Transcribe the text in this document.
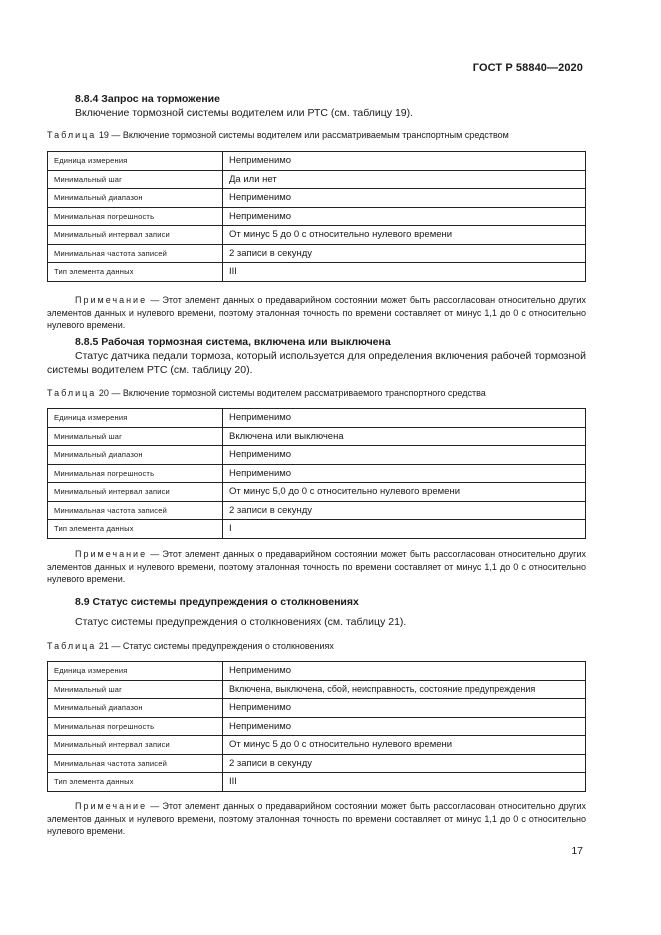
ГОСТ Р 58840—2020
8.8.4 Запрос на торможение
Включение тормозной системы водителем или РТС (см. таблицу 19).
Таблица 19 — Включение тормозной системы водителем или рассматриваемым транспортным средством
Единица измерения	Неприменимо
Минимальный шаг	Да или нет
Минимальный диапазон	Неприменимо
Минимальная погрешность	Неприменимо
Минимальный интервал записи	От минус 5 до 0 с относительно нулевого времени
Минимальная частота записей	2 записи в секунду
Тип элемента данных	III
Примечание — Этот элемент данных о предаварийном состоянии может быть рассогласован относительно других элементов данных и нулевого времени, поэтому эталонная точность по времени составляет от минус 1,1 до 0 с относительно нулевого времени.
8.8.5 Рабочая тормозная система, включена или выключена
Статус датчика педали тормоза, который используется для определения включения рабочей тормозной системы водителем РТС (см. таблицу 20).
Таблица 20 — Включение тормозной системы водителем рассматриваемого транспортного средства
Единица измерения	Неприменимо
Минимальный шаг	Включена или выключена
Минимальный диапазон	Неприменимо
Минимальная погрешность	Неприменимо
Минимальный интервал записи	От минус 5,0 до 0 с относительно нулевого времени
Минимальная частота записей	2 записи в секунду
Тип элемента данных	I
Примечание — Этот элемент данных о предаварийном состоянии может быть рассогласован относительно других элементов данных и нулевого времени, поэтому эталонная точность по времени составляет от минус 1,1 до 0 с относительно нулевого времени.
8.9 Статус системы предупреждения о столкновениях
Статус системы предупреждения о столкновениях (см. таблицу 21).
Таблица 21 — Статус системы предупреждения о столкновениях
Единица измерения	Неприменимо
Минимальный шаг	Включена, выключена, сбой, неисправность, состояние предупреждения
Минимальный диапазон	Неприменимо
Минимальная погрешность	Неприменимо
Минимальный интервал записи	От минус 5 до 0 с относительно нулевого времени
Минимальная частота записей	2 записи в секунду
Тип элемента данных	III
Примечание — Этот элемент данных о предаварийном состоянии может быть рассогласован относительно других элементов данных и нулевого времени, поэтому эталонная точность по времени составляет от минус 1,1 до 0 с относительно нулевого времени.
17
